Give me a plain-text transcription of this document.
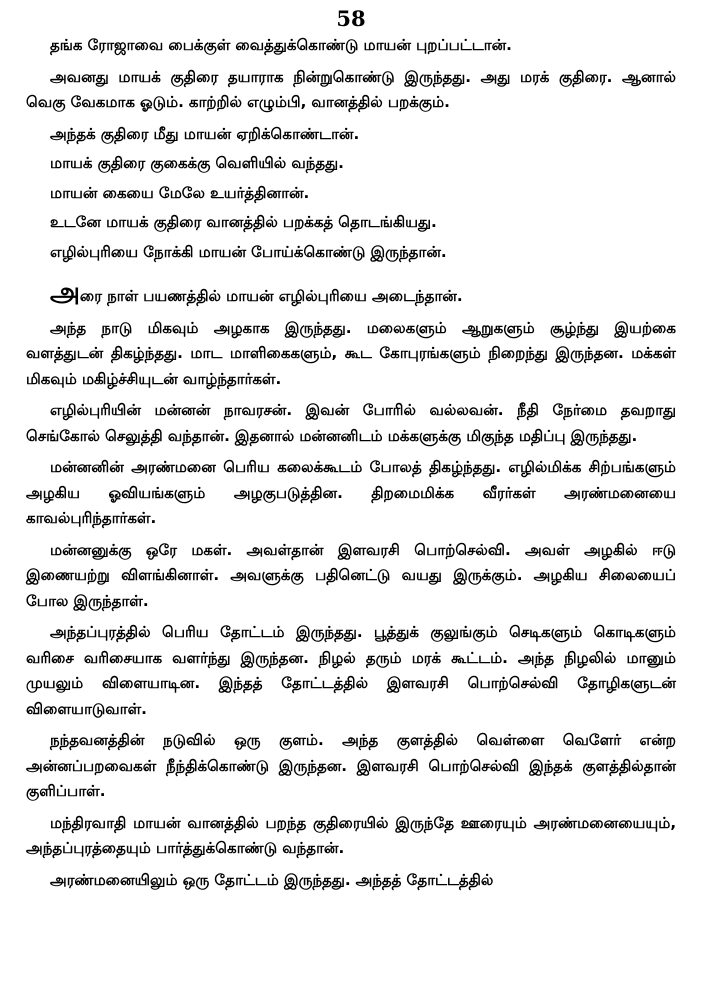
58

தங்க ரோஜாவை பைக்குள் வைத்துக்கொண்டு மாயன் புறப்பட்டான்.

அவனது மாயக் குதிரை தயாராக நின்றுகொண்டு இருந்தது. அது மரக் குதிரை. ஆனால் வெகு வேகமாக ஓடும். காற்றில் எழும்பி, வானத்தில் பறக்கும்.

அந்தக் குதிரை மீது மாயன் ஏறிக்கொண்டான்.

மாயக் குதிரை குகைக்கு வெளியில் வந்தது.

மாயன் கையை மேலே உயர்த்தினான்.

உடனே மாயக் குதிரை வானத்தில் பறக்கத் தொடங்கியது.

எழில்புரியை நோக்கி மாயன் போய்க்கொண்டு இருந்தான்.

அரை நாள் பயணத்தில் மாயன் எழில்புரியை அடைந்தான்.

அந்த நாடு மிகவும் அழகாக இருந்தது. மலைகளும் ஆறுகளும் சூழ்ந்து இயற்கை வளத்துடன் திகழ்ந்தது. மாட மாளிகைகளும், கூட கோபுரங்களும் நிறைந்து இருந்தன. மக்கள் மிகவும் மகிழ்ச்சியுடன் வாழ்ந்தார்கள்.

எழில்புரியின் மன்னன் நாவரசன். இவன் போரில் வல்லவன். நீதி நேர்மை தவறாது செங்கோல் செலுத்தி வந்தான். இதனால் மன்னனிடம் மக்களுக்கு மிகுந்த மதிப்பு இருந்தது.

மன்னனின் அரண்மனை பெரிய கலைக்கூடம் போலத் திகழ்ந்தது. எழில்மிக்க சிற்பங்களும் அழகிய ஓவியங்களும் அழகுபடுத்தின. திறமைமிக்க வீரர்கள் அரண்மனையை காவல்புரிந்தார்கள்.

மன்னனுக்கு ஒரே மகள். அவள்தான் இளவரசி பொற்செல்வி. அவள் அழகில் ஈடு இணையற்று விளங்கினாள். அவளுக்கு பதினெட்டு வயது இருக்கும். அழகிய சிலையைப் போல இருந்தாள்.

அந்தப்புரத்தில் பெரிய தோட்டம் இருந்தது. பூத்துக் குலுங்கும் செடிகளும் கொடிகளும் வரிசை வரிசையாக வளர்ந்து இருந்தன. நிழல் தரும் மரக் கூட்டம். அந்த நிழலில் மானும் முயலும் விளையாடின. இந்தத் தோட்டத்தில் இளவரசி பொற்செல்வி தோழிகளுடன் விளையாடுவாள்.

நந்தவனத்தின் நடுவில் ஒரு குளம். அந்த குளத்தில் வெள்ளை வெளேர் என்ற அன்னப்பறவைகள் நீந்திக்கொண்டு இருந்தன. இளவரசி பொற்செல்வி இந்தக் குளத்தில்தான் குளிப்பாள்.

மந்திரவாதி மாயன் வானத்தில் பறந்த குதிரையில் இருந்தே ஊரையும் அரண்மனையையும், அந்தப்புரத்தையும் பார்த்துக்கொண்டு வந்தான்.

அரண்மனையிலும் ஒரு தோட்டம் இருந்தது. அந்தத் தோட்டத்தில்
